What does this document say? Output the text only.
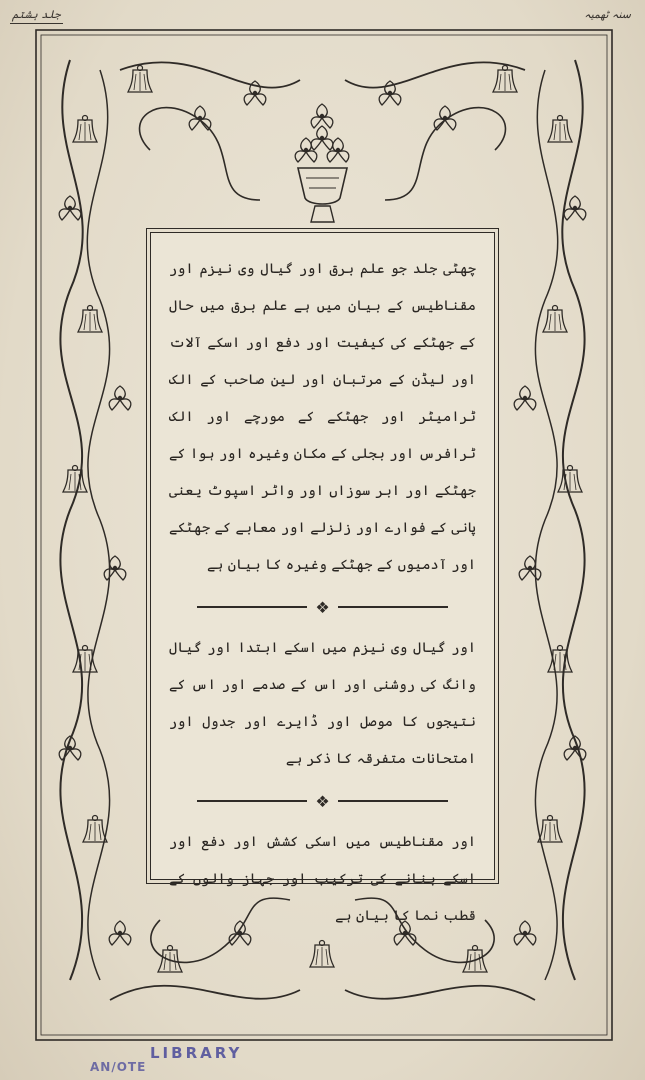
جلد ہشتم	سنہ ٹھمیہ

چھٹی جلد جو علم برق اور گیال وی نیزم اور مقناطیس کے بیان میں ہے علم برق میں حال کے جھٹکے کی کیفیت اور دفع اور اسکے آلات اور لیڈن کے مرتبان اور لین صاحب کے الک ٹرامیٹر اور جھٹکے کے مورچے اور الک ٹرافرس اور بجلی کے مکان وغیرہ اور ہوا کے جھٹکے اور ابر سوزاں اور واٹر اسپوٹ یعنی پانی کے فوارے اور زلزلے اور معابے کے جھٹکے اور آدمیوں کے جھٹکے وغیرہ کا بیان ہے

❖

اور گیال وی نیزم میں اسکے ابتدا اور گیال وانگ کی روشنی اور اس کے صدمے اور اس کے نتیجوں کا موصل اور ڈایرے اور جدول اور امتحانات متفرقہ کا ذکر ہے

❖

اور مقناطیس میں اسکی کشش اور دفع اور اسکے بنانے کی ترکیب اور جہاز والوں کے قطب نما کا بیان ہے

LIBRARY
AN/OTE
